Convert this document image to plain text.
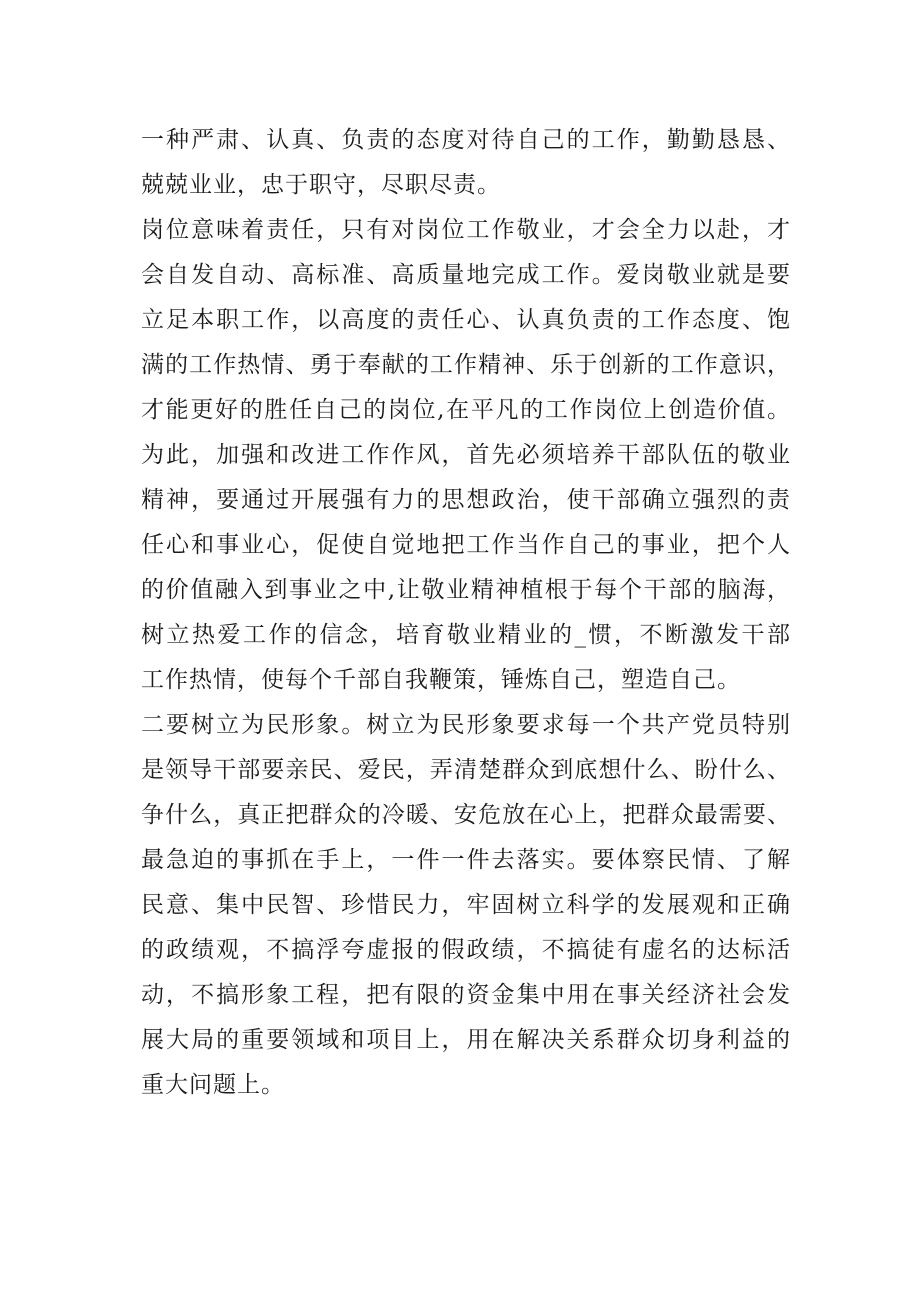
一种严肃、认真、负责的态度对待自己的工作，勤勤恳恳、
兢兢业业，忠于职守，尽职尽责。
岗位意味着责任，只有对岗位工作敬业，才会全力以赴，才
会自发自动、高标准、高质量地完成工作。爱岗敬业就是要
立足本职工作，以高度的责任心、认真负责的工作态度、饱
满的工作热情、勇于奉献的工作精神、乐于创新的工作意识，
才能更好的胜任自己的岗位,在平凡的工作岗位上创造价值。
为此，加强和改进工作作风，首先必须培养干部队伍的敬业
精神，要通过开展强有力的思想政治，使干部确立强烈的责
任心和事业心，促使自觉地把工作当作自己的事业，把个人
的价值融入到事业之中,让敬业精神植根于每个干部的脑海，
树立热爱工作的信念，培育敬业精业的_惯，不断激发干部
工作热情，使每个千部自我鞭策，锤炼自己，塑造自己。
二要树立为民形象。树立为民形象要求每一个共产党员特别
是领导干部要亲民、爱民，弄清楚群众到底想什么、盼什么、
争什么，真正把群众的冷暖、安危放在心上，把群众最需要、
最急迫的事抓在手上，一件一件去落实。要体察民情、了解
民意、集中民智、珍惜民力，牢固树立科学的发展观和正确
的政绩观，不搞浮夸虚报的假政绩，不搞徒有虚名的达标活
动，不搞形象工程，把有限的资金集中用在事关经济社会发
展大局的重要领域和项目上，用在解决关系群众切身利益的
重大问题上。
